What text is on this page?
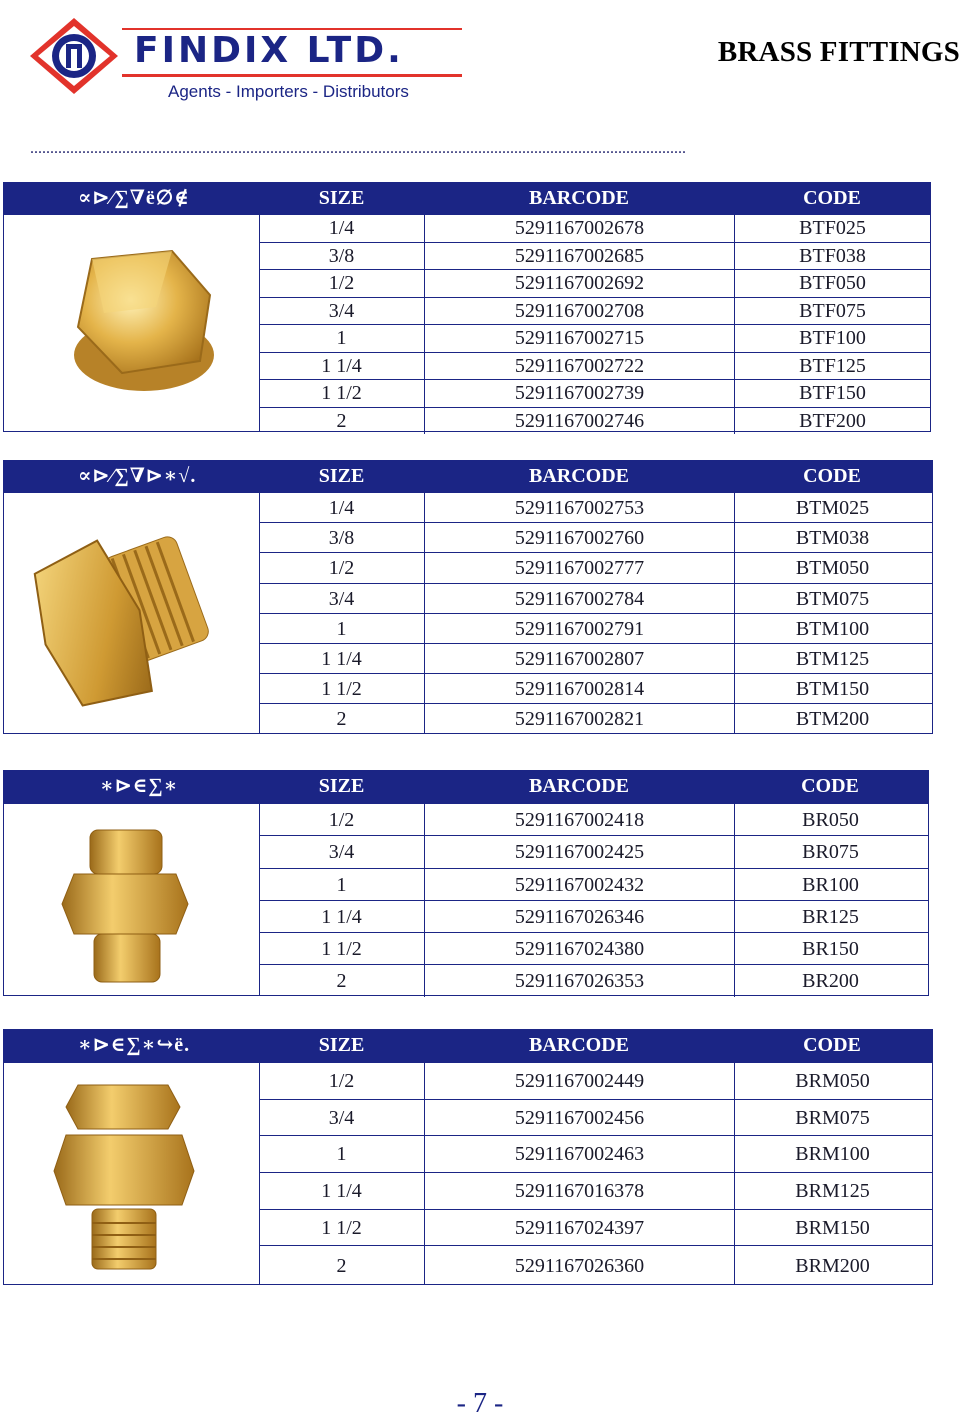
FINDIX LTD.
Agents - Importers - Distributors
BRASS FITTINGS
....................................................................................................................................................................
∝⊳∕∑∇ë∅∉	SIZE	BARCODE	CODE
1/4	5291167002678	BTF025
3/8	5291167002685	BTF038
1/2	5291167002692	BTF050
3/4	5291167002708	BTF075
1	5291167002715	BTF100
1 1/4	5291167002722	BTF125
1 1/2	5291167002739	BTF150
2	5291167002746	BTF200
∝⊳∕∑∇⊳∗√.	SIZE	BARCODE	CODE
1/4	5291167002753	BTM025
3/8	5291167002760	BTM038
1/2	5291167002777	BTM050
3/4	5291167002784	BTM075
1	5291167002791	BTM100
1 1/4	5291167002807	BTM125
1 1/2	5291167002814	BTM150
2	5291167002821	BTM200
∗⊳∈∑∗	SIZE	BARCODE	CODE
1/2	5291167002418	BR050
3/4	5291167002425	BR075
1	5291167002432	BR100
1 1/4	5291167026346	BR125
1 1/2	5291167024380	BR150
2	5291167026353	BR200
∗⊳∈∑∗↪ë.	SIZE	BARCODE	CODE
1/2	5291167002449	BRM050
3/4	5291167002456	BRM075
1	5291167002463	BRM100
1 1/4	5291167016378	BRM125
1 1/2	5291167024397	BRM150
2	5291167026360	BRM200
- 7 -
